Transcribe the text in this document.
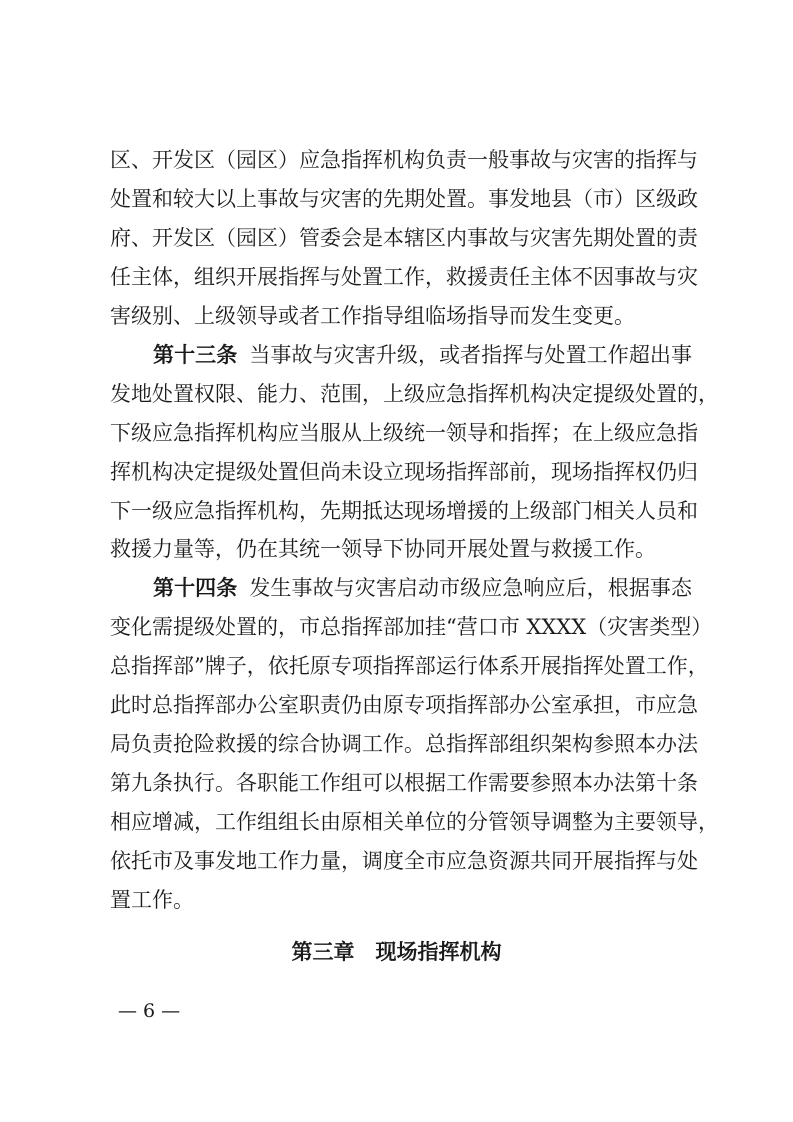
区、开发区（园区）应急指挥机构负责一般事故与灾害的指挥与
处置和较大以上事故与灾害的先期处置。事发地县（市）区级政
府、开发区（园区）管委会是本辖区内事故与灾害先期处置的责
任主体，组织开展指挥与处置工作，救援责任主体不因事故与灾
害级别、上级领导或者工作指导组临场指导而发生变更。
第十三条 当事故与灾害升级，或者指挥与处置工作超出事
发地处置权限、能力、范围，上级应急指挥机构决定提级处置的，
下级应急指挥机构应当服从上级统一领导和指挥；在上级应急指
挥机构决定提级处置但尚未设立现场指挥部前，现场指挥权仍归
下一级应急指挥机构，先期抵达现场增援的上级部门相关人员和
救援力量等，仍在其统一领导下协同开展处置与救援工作。
第十四条 发生事故与灾害启动市级应急响应后，根据事态
变化需提级处置的，市总指挥部加挂“营口市 XXXX（灾害类型）
总指挥部”牌子，依托原专项指挥部运行体系开展指挥处置工作，
此时总指挥部办公室职责仍由原专项指挥部办公室承担，市应急
局负责抢险救援的综合协调工作。总指挥部组织架构参照本办法
第九条执行。各职能工作组可以根据工作需要参照本办法第十条
相应增减，工作组组长由原相关单位的分管领导调整为主要领导，
依托市及事发地工作力量，调度全市应急资源共同开展指挥与处
置工作。
第三章　现场指挥机构
— 6 —
